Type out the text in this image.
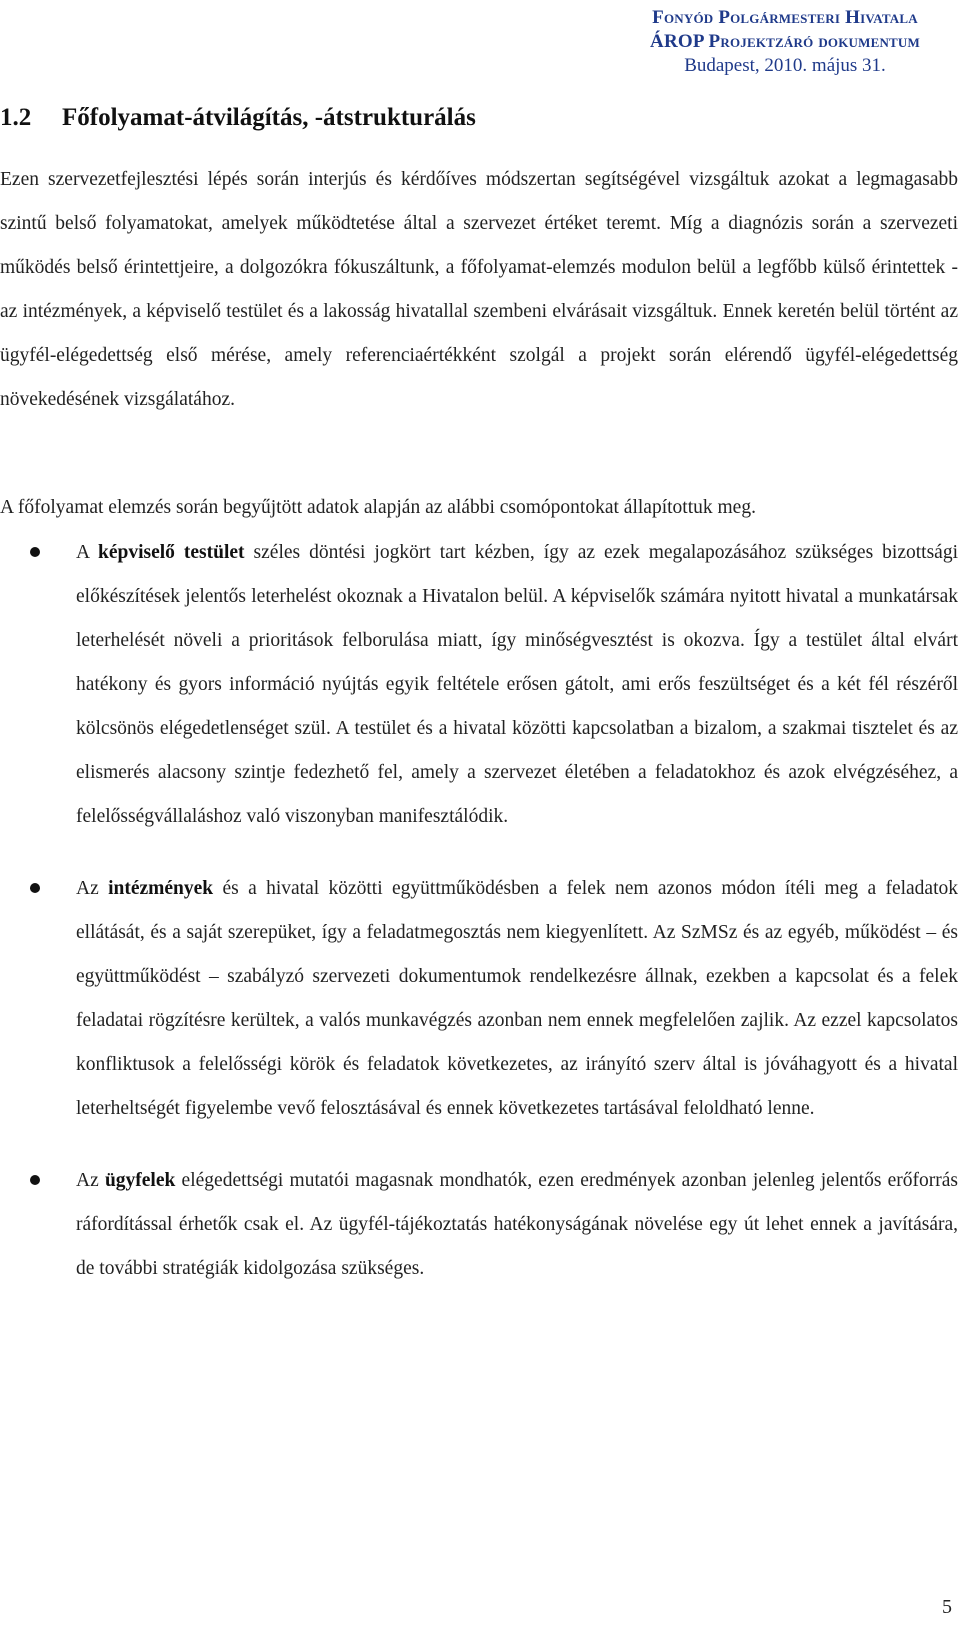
Fonyód Polgármesteri Hivatala
ÁROP Projektzáró dokumentum
Budapest, 2010. május 31.
1.2	Főfolyamat-átvilágítás, -átstrukturálás
Ezen szervezetfejlesztési lépés során interjús és kérdőíves módszertan segítségével vizsgáltuk azokat a legmagasabb szintű belső folyamatokat, amelyek működtetése által a szervezet értéket teremt. Míg a diagnózis során a szervezeti működés belső érintettjeire, a dolgozókra fókuszáltunk, a főfolyamat-elemzés modulon belül a legfőbb külső érintettek - az intézmények, a képviselő testület és a lakosság hivatallal szembeni elvárásait vizsgáltuk. Ennek keretén belül történt az ügyfél-elégedettség első mérése, amely referenciaértékként szolgál a projekt során elérendő ügyfél-elégedettség növekedésének vizsgálatához.
A főfolyamat elemzés során begyűjtött adatok alapján az alábbi csomópontokat állapítottuk meg.
A képviselő testület széles döntési jogkört tart kézben, így az ezek megalapozásához szükséges bizottsági előkészítések jelentős leterhelést okoznak a Hivatalon belül. A képviselők számára nyitott hivatal a munkatársak leterhelését növeli a prioritások felborulása miatt, így minőségvesztést is okozva. Így a testület által elvárt hatékony és gyors információ nyújtás egyik feltétele erősen gátolt, ami erős feszültséget és a két fél részéről kölcsönös elégedetlenséget szül. A testület és a hivatal közötti kapcsolatban a bizalom, a szakmai tisztelet és az elismerés alacsony szintje fedezhető fel, amely a szervezet életében a feladatokhoz és azok elvégzéséhez, a felelősségvállaláshoz való viszonyban manifesztálódik.
Az intézmények és a hivatal közötti együttműködésben a felek nem azonos módon ítéli meg a feladatok ellátását, és a saját szerepüket, így a feladatmegosztás nem kiegyenlített. Az SzMSz és az egyéb, működést – és együttműködést – szabályzó szervezeti dokumentumok rendelkezésre állnak, ezekben a kapcsolat és a felek feladatai rögzítésre kerültek, a valós munkavégzés azonban nem ennek megfelelően zajlik. Az ezzel kapcsolatos konfliktusok a felelősségi körök és feladatok következetes, az irányító szerv által is jóváhagyott és a hivatal leterheltségét figyelembe vevő felosztásával és ennek következetes tartásával feloldható lenne.
Az ügyfelek elégedettségi mutatói magasnak mondhatók, ezen eredmények azonban jelenleg jelentős erőforrás ráfordítással érhetők csak el. Az ügyfél-tájékoztatás hatékonyságának növelése egy út lehet ennek a javítására, de további stratégiák kidolgozása szükséges.
5
